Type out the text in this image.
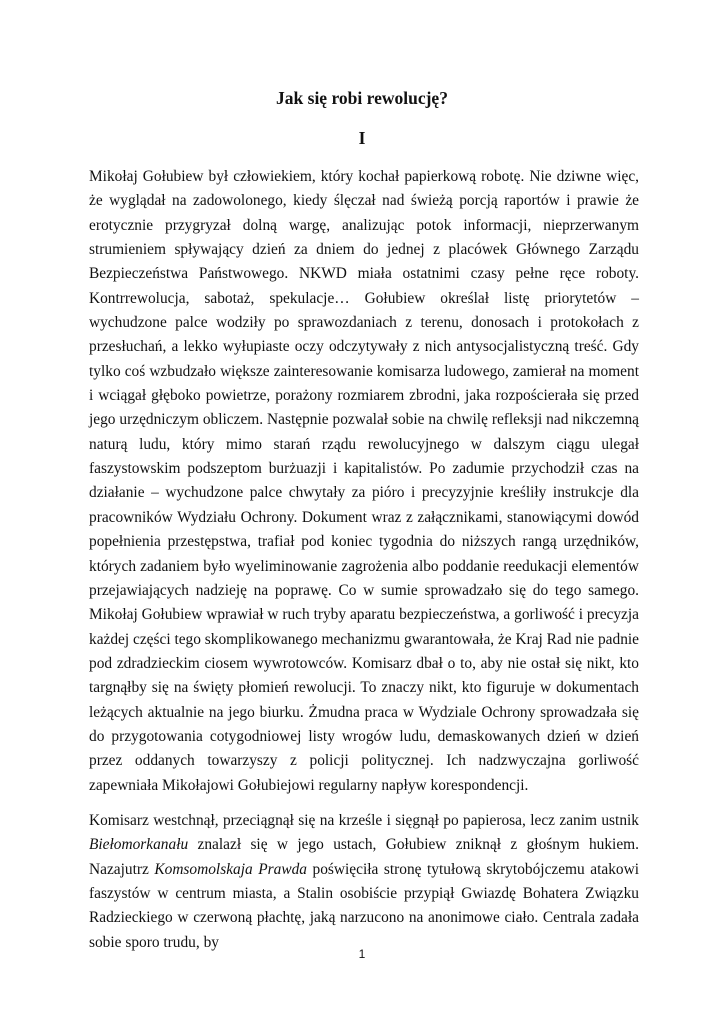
Jak się robi rewolucję?
I

Mikołaj Gołubiew był człowiekiem, który kochał papierkową robotę. Nie dziwne więc, że wyglądał na zadowolonego, kiedy ślęczał nad świeżą porcją raportów i prawie że erotycznie przygryzał dolną wargę, analizując potok informacji, nieprzerwanym strumieniem spływający dzień za dniem do jednej z placówek Głównego Zarządu Bezpieczeństwa Państwowego. NKWD miała ostatnimi czasy pełne ręce roboty. Kontrrewolucja, sabotaż, spekulacje… Gołubiew określał listę priorytetów – wychudzone palce wodziły po sprawozdaniach z terenu, donosach i protokołach z przesłuchań, a lekko wyłupiaste oczy odczytywały z nich antysocjalistyczną treść. Gdy tylko coś wzbudzało większe zainteresowanie komisarza ludowego, zamierał na moment i wciągał głęboko powietrze, porażony rozmiarem zbrodni, jaka rozpościerała się przed jego urzędniczym obliczem. Następnie pozwalał sobie na chwilę refleksji nad nikczemną naturą ludu, który mimo starań rządu rewolucyjnego w dalszym ciągu ulegał faszystowskim podszeptom burżuazji i kapitalistów. Po zadumie przychodził czas na działanie – wychudzone palce chwytały za pióro i precyzyjnie kreśliły instrukcje dla pracowników Wydziału Ochrony. Dokument wraz z załącznikami, stanowiącymi dowód popełnienia przestępstwa, trafiał pod koniec tygodnia do niższych rangą urzędników, których zadaniem było wyeliminowanie zagrożenia albo poddanie reedukacji elementów przejawiających nadzieję na poprawę. Co w sumie sprowadzało się do tego samego. Mikołaj Gołubiew wprawiał w ruch tryby aparatu bezpieczeństwa, a gorliwość i precyzja każdej części tego skomplikowanego mechanizmu gwarantowała, że Kraj Rad nie padnie pod zdradzieckim ciosem wywrotowców. Komisarz dbał o to, aby nie ostał się nikt, kto targnąłby się na święty płomień rewolucji. To znaczy nikt, kto figuruje w dokumentach leżących aktualnie na jego biurku. Żmudna praca w Wydziale Ochrony sprowadzała się do przygotowania cotygodniowej listy wrogów ludu, demaskowanych dzień w dzień przez oddanych towarzyszy z policji politycznej. Ich nadzwyczajna gorliwość zapewniała Mikołajowi Gołubiejowi regularny napływ korespondencji.

Komisarz westchnął, przeciągnął się na krześle i sięgnął po papierosa, lecz zanim ustnik Biełomorkanału znalazł się w jego ustach, Gołubiew zniknął z głośnym hukiem. Nazajutrz Komsomolskaja Prawda poświęciła stronę tytułową skrytobójczemu atakowi faszystów w centrum miasta, a Stalin osobiście przypiął Gwiazdę Bohatera Związku Radzieckiego w czerwoną płachtę, jaką narzucono na anonimowe ciało. Centrala zadała sobie sporo trudu, by

1
